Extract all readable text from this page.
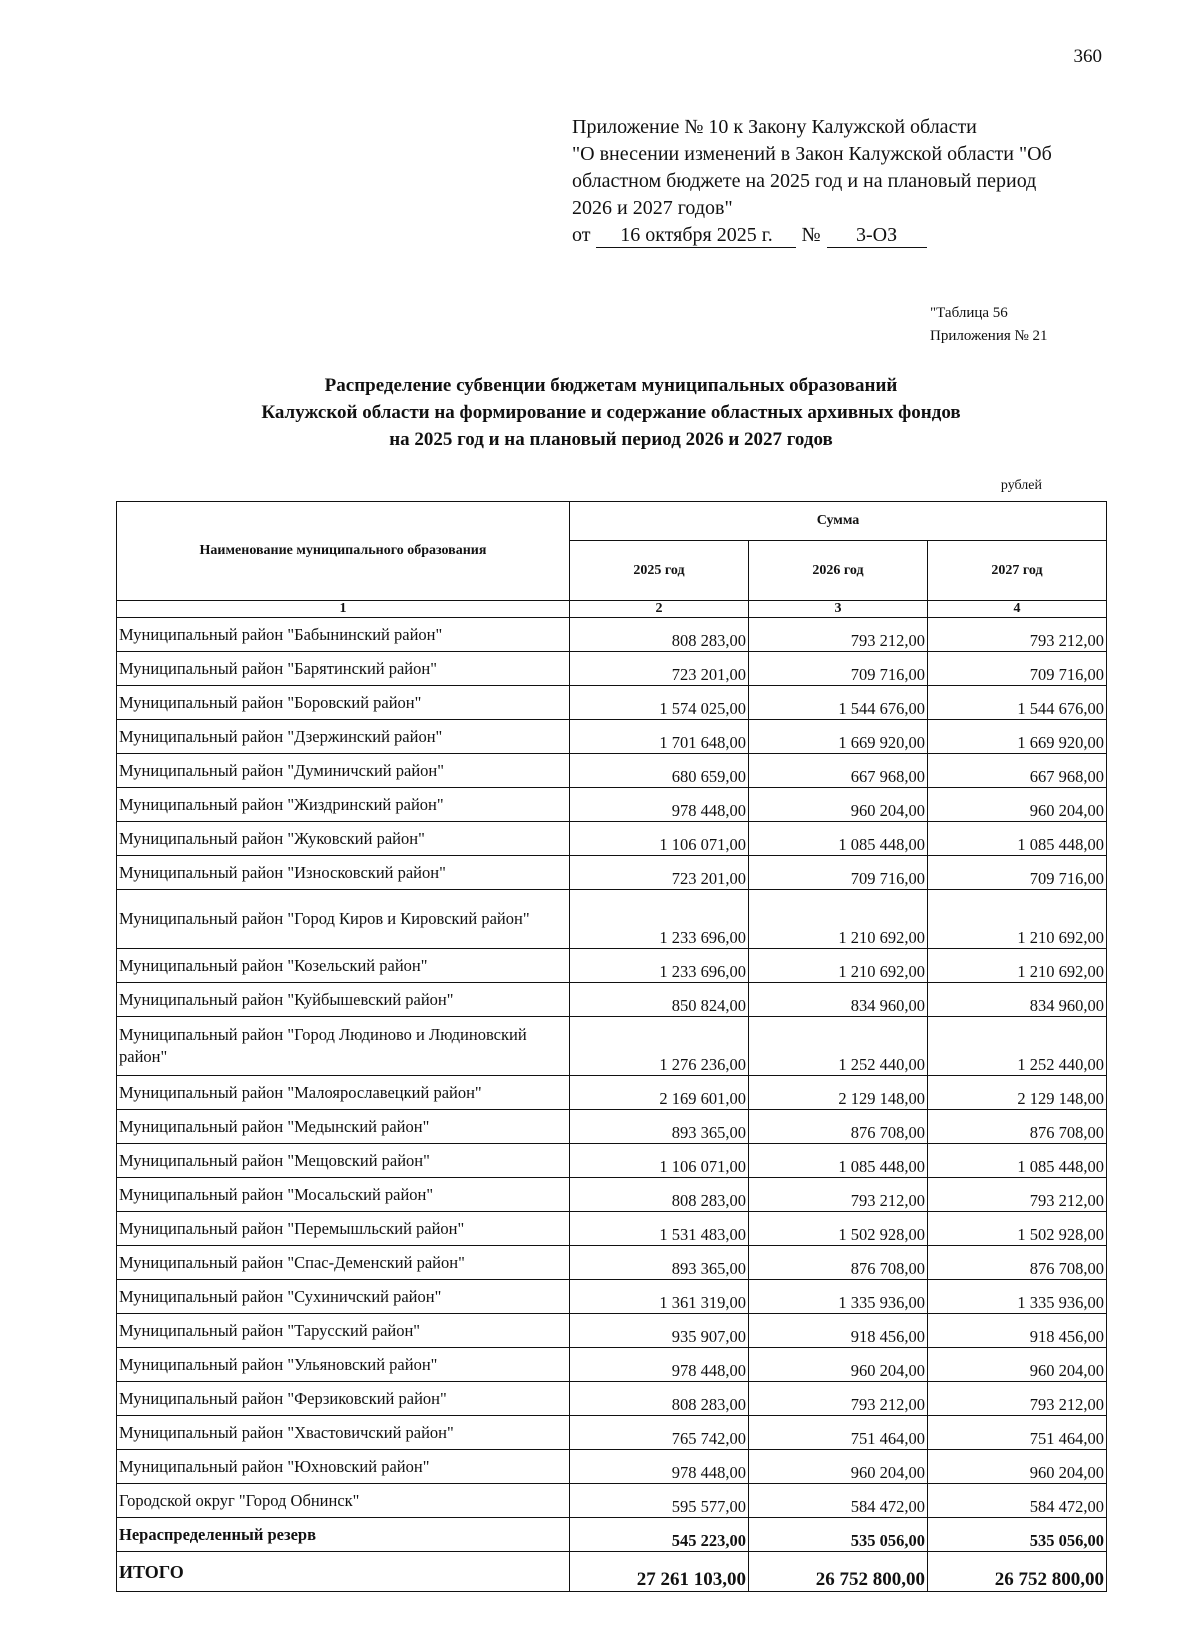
360
Приложение № 10 к Закону Калужской области
"О внесении изменений в Закон Калужской области "Об
областном бюджете на 2025 год и на плановый период
2026 и 2027 годов"
от 16 октября 2025 г. № 3-ОЗ
"Таблица 56
Приложения № 21
Распределение субвенции бюджетам муниципальных образований
Калужской области на формирование и содержание областных архивных фондов
на 2025 год и на плановый период 2026 и 2027 годов
рублей
Наименование муниципального образования	Сумма		
	2025 год	2026 год	2027 год
1	2	3	4
Муниципальный район "Бабынинский район"	808 283,00	793 212,00	793 212,00
Муниципальный район "Барятинский район"	723 201,00	709 716,00	709 716,00
Муниципальный район "Боровский район"	1 574 025,00	1 544 676,00	1 544 676,00
Муниципальный район "Дзержинский район"	1 701 648,00	1 669 920,00	1 669 920,00
Муниципальный район "Думиничский район"	680 659,00	667 968,00	667 968,00
Муниципальный район "Жиздринский район"	978 448,00	960 204,00	960 204,00
Муниципальный район "Жуковский район"	1 106 071,00	1 085 448,00	1 085 448,00
Муниципальный район "Износковский район"	723 201,00	709 716,00	709 716,00
Муниципальный район "Город Киров и Кировский район"	1 233 696,00	1 210 692,00	1 210 692,00
Муниципальный район "Козельский район"	1 233 696,00	1 210 692,00	1 210 692,00
Муниципальный район "Куйбышевский район"	850 824,00	834 960,00	834 960,00
Муниципальный район "Город Людиново и Людиновский район"	1 276 236,00	1 252 440,00	1 252 440,00
Муниципальный район "Малоярославецкий район"	2 169 601,00	2 129 148,00	2 129 148,00
Муниципальный район "Медынский район"	893 365,00	876 708,00	876 708,00
Муниципальный район "Мещовский район"	1 106 071,00	1 085 448,00	1 085 448,00
Муниципальный район "Мосальский район"	808 283,00	793 212,00	793 212,00
Муниципальный район "Перемышльский район"	1 531 483,00	1 502 928,00	1 502 928,00
Муниципальный район "Спас-Деменский район"	893 365,00	876 708,00	876 708,00
Муниципальный район "Сухиничский район"	1 361 319,00	1 335 936,00	1 335 936,00
Муниципальный район "Тарусский район"	935 907,00	918 456,00	918 456,00
Муниципальный район "Ульяновский район"	978 448,00	960 204,00	960 204,00
Муниципальный район "Ферзиковский район"	808 283,00	793 212,00	793 212,00
Муниципальный район "Хвастовичский район"	765 742,00	751 464,00	751 464,00
Муниципальный район "Юхновский район"	978 448,00	960 204,00	960 204,00
Городской округ "Город Обнинск"	595 577,00	584 472,00	584 472,00
Нераспределенный резерв	545 223,00	535 056,00	535 056,00
ИТОГО	27 261 103,00	26 752 800,00	26 752 800,00
